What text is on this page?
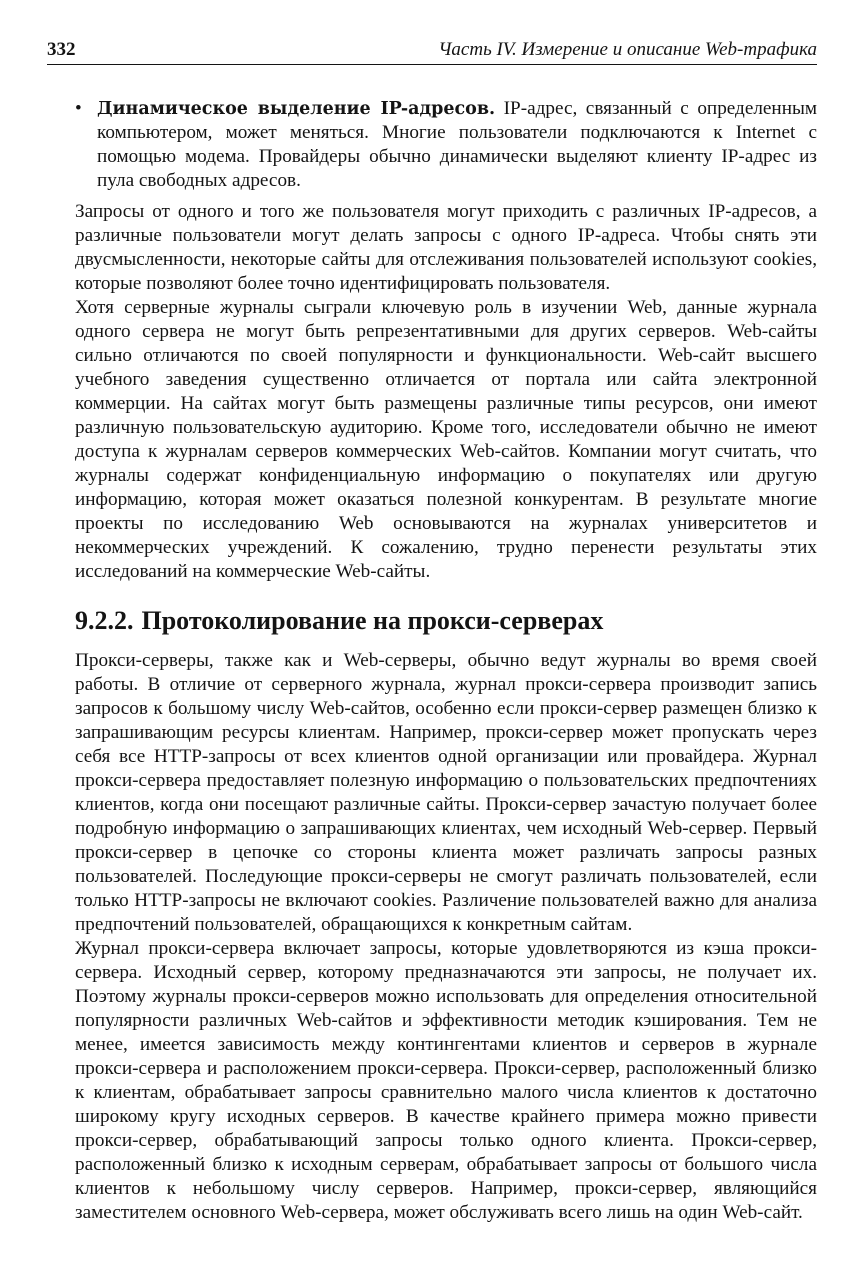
332	Часть IV. Измерение и описание Web-трафика
• Динамическое выделение IP-адресов. IP-адрес, связанный с определенным компьютером, может меняться. Многие пользователи подключаются к Internet с помощью модема. Провайдеры обычно динамически выделяют клиенту IP-адрес из пула свободных адресов.

Запросы от одного и того же пользователя могут приходить с различных IP-адресов, а различные пользователи могут делать запросы с одного IP-адреса. Чтобы снять эти двусмысленности, некоторые сайты для отслеживания пользователей используют cookies, которые позволяют более точно идентифицировать пользователя.

Хотя серверные журналы сыграли ключевую роль в изучении Web, данные журнала одного сервера не могут быть репрезентативными для других серверов. Web-сайты сильно отличаются по своей популярности и функциональности. Web-сайт высшего учебного заведения существенно отличается от портала или сайта электронной коммерции. На сайтах могут быть размещены различные типы ресурсов, они имеют различную пользовательскую аудиторию. Кроме того, исследователи обычно не имеют доступа к журналам серверов коммерческих Web-сайтов. Компании могут считать, что журналы содержат конфиденциальную информацию о покупателях или другую информацию, которая может оказаться полезной конкурентам. В результате многие проекты по исследованию Web основываются на журналах университетов и некоммерческих учреждений. К сожалению, трудно перенести результаты этих исследований на коммерческие Web-сайты.

9.2.2. Протоколирование на прокси-серверах

Прокси-серверы, также как и Web-серверы, обычно ведут журналы во время своей работы. В отличие от серверного журнала, журнал прокси-сервера производит запись запросов к большому числу Web-сайтов, особенно если прокси-сервер размещен близко к запрашивающим ресурсы клиентам. Например, прокси-сервер может пропускать через себя все HTTP-запросы от всех клиентов одной организации или провайдера. Журнал прокси-сервера предоставляет полезную информацию о пользовательских предпочтениях клиентов, когда они посещают различные сайты. Прокси-сервер зачастую получает более подробную информацию о запрашивающих клиентах, чем исходный Web-сервер. Первый прокси-сервер в цепочке со стороны клиента может различать запросы разных пользователей. Последующие прокси-серверы не смогут различать пользователей, если только HTTP-запросы не включают cookies. Различение пользователей важно для анализа предпочтений пользователей, обращающихся к конкретным сайтам.

Журнал прокси-сервера включает запросы, которые удовлетворяются из кэша прокси-сервера. Исходный сервер, которому предназначаются эти запросы, не получает их. Поэтому журналы прокси-серверов можно использовать для определения относительной популярности различных Web-сайтов и эффективности методик кэширования. Тем не менее, имеется зависимость между контингентами клиентов и серверов в журнале прокси-сервера и расположением прокси-сервера. Прокси-сервер, расположенный близко к клиентам, обрабатывает запросы сравнительно малого числа клиентов к достаточно широкому кругу исходных серверов. В качестве крайнего примера можно привести прокси-сервер, обрабатывающий запросы только одного клиента. Прокси-сервер, расположенный близко к исходным серверам, обрабатывает запросы от большого числа клиентов к небольшому числу серверов. Например, прокси-сервер, являющийся заместителем основного Web-сервера, может обслуживать всего лишь на один Web-сайт.
